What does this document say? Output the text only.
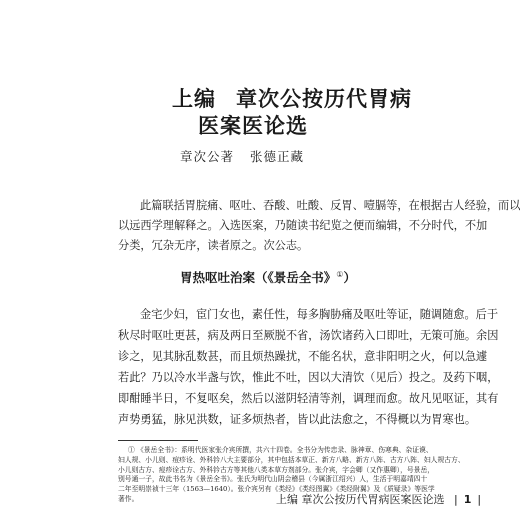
上编 章次公按历代胃病
医案医论选
章次公著 张德正藏
此篇联括胃脘痛、呕吐、吞酸、吐酸、反胃、噎膈等，在根据古人经验，而以
以远西学理解释之。入选医案，乃随读书纪览之便而编辑，不分时代，不加
分类，冗杂无序，读者原之。次公志。
胃热呕吐治案（《景岳全书》①）
金宅少妇，宦门女也，素任性，每多胸胁痛及呕吐等证，随调随愈。后于
秋尽时呕吐更甚，病及两日至厥脱不省，汤饮诸药入口即吐，无策可施。余因
诊之，见其脉乱数甚，而且烦热躁扰，不能名状，意非阳明之火，何以急遽
若此？乃以冷水半盏与饮，惟此不吐，因以大清饮（见后）投之。及药下咽，
即酣睡半日，不复呕矣，然后以滋阴轻清等剂，调理而愈。故凡见呕证，其有
声势勇猛，脉见洪数，证多烦热者，皆以此法愈之，不得概以为胃寒也。
① 《景岳全书》：系明代医家张介宾所撰，共六十四卷。全书分为传忠录、脉神章、伤寒典、杂证谟、
妇人规、小儿则、痘疹诠、外科钤八大主要部分，其中包括本草正、新方八略、新方八阵、古方八阵、妇人规古方、
小儿则古方、痘疹诠古方、外科钤古方等其他八类本草方剂部分。张介宾，字会卿（又作惠卿），号景岳，
别号通一子，故此书名为《景岳全书》。张氏为明代山阴会稽县（今属浙江绍兴）人，生活于明嘉靖四十
二年至明崇祯十三年（1563—1640）。张介宾另有《类经》《类经图翼》《类经附翼》及《质疑录》等医学
著作。	上编 章次公按历代胃病医案医论选 | 1 |
